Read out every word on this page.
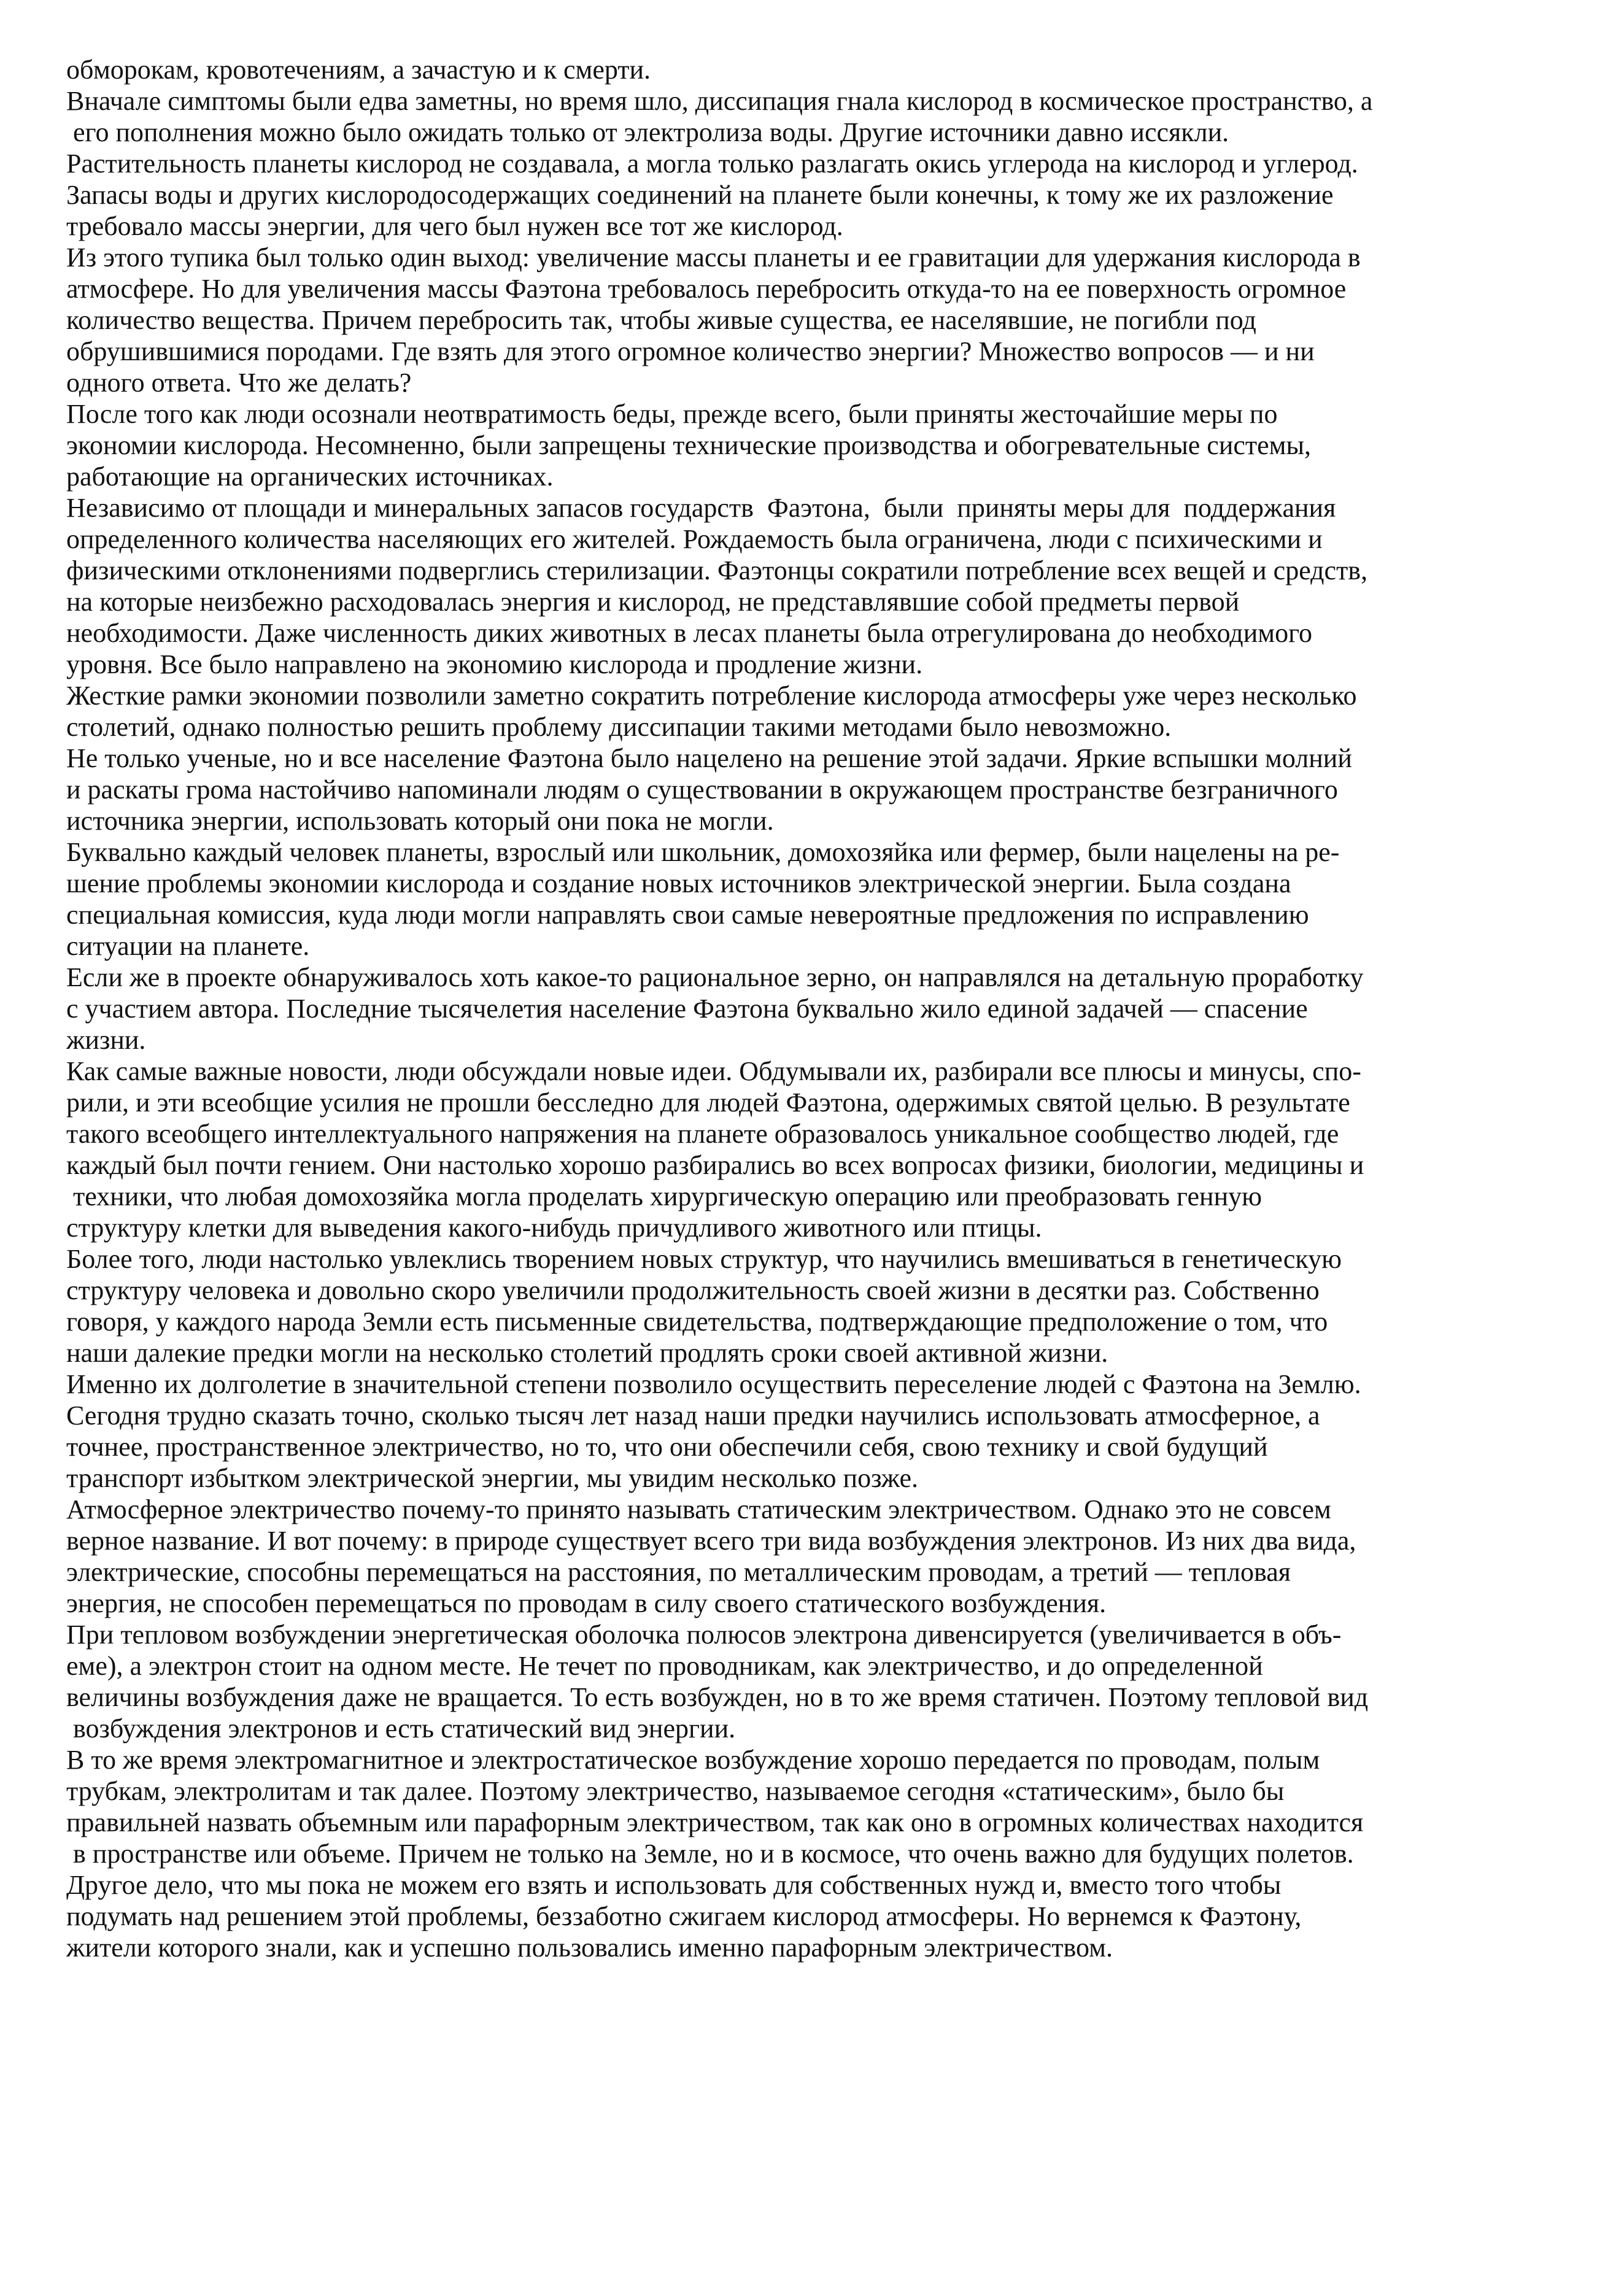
обморокам, кровотечениям, а зачастую и к смерти.

Вначале симптомы были едва заметны, но время шло, диссипация гнала кислород в космическое пространство, а

его пополнения можно было ожидать только от электролиза воды. Другие источники давно иссякли.

Растительность планеты кислород не создавала, а могла только разлагать окись углерода на кислород и углерод.

Запасы воды и других кислородосодержащих соединений на планете были конечны, к тому же их разложение

требовало массы энергии, для чего был нужен все тот же кислород.

Из этого тупика был только один выход: увеличение массы планеты и ее гравитации для удержания кислорода в

атмосфере. Но для увеличения массы Фаэтона требовалось перебросить откуда-то на ее поверхность огромное

количество вещества. Причем перебросить так, чтобы живые существа, ее населявшие, не погибли под

обрушившимися породами. Где взять для этого огромное количество энергии? Множество вопросов — и ни

одного ответа. Что же делать?

После того как люди осознали неотвратимость беды, прежде всего, были приняты жесточайшие меры по

экономии кислорода. Несомненно, были запрещены технические производства и обогревательные системы,

работающие на органических источниках.

Независимо от площади и минеральных запасов государств  Фаэтона,  были  приняты меры для  поддержания

определенного количества населяющих его жителей. Рождаемость была ограничена, люди с психическими и

физическими отклонениями подверглись стерилизации. Фаэтонцы сократили потребление всех вещей и средств,

на которые неизбежно расходовалась энергия и кислород, не представлявшие собой предметы первой

необходимости. Даже численность диких животных в лесах планеты была отрегулирована до необходимого

уровня. Все было направлено на экономию кислорода и продление жизни.

Жесткие рамки экономии позволили заметно сократить потребление кислорода атмосферы уже через несколько

столетий, однако полностью решить проблему диссипации такими методами было невозможно.

Не только ученые, но и все население Фаэтона было нацелено на решение этой задачи. Яркие вспышки молний

и раскаты грома настойчиво напоминали людям о существовании в окружающем пространстве безграничного

источника энергии, использовать который они пока не могли.

Буквально каждый человек планеты, взрослый или школьник, домохозяйка или фермер, были нацелены на ре-

шение проблемы экономии кислорода и создание новых источников электрической энергии. Была создана

специальная комиссия, куда люди могли направлять свои самые невероятные предложения по исправлению

ситуации на планете.

Если же в проекте обнаруживалось хоть какое-то рациональное зерно, он направлялся на детальную проработку

с участием автора. Последние тысячелетия население Фаэтона буквально жило единой задачей — спасение

жизни.

Как самые важные новости, люди обсуждали новые идеи. Обдумывали их, разбирали все плюсы и минусы, спо-

рили, и эти всеобщие усилия не прошли бесследно для людей Фаэтона, одержимых святой целью. В результате

такого всеобщего интеллектуального напряжения на планете образовалось уникальное сообщество людей, где

каждый был почти гением. Они настолько хорошо разбирались во всех вопросах физики, биологии, медицины и

техники, что любая домохозяйка могла проделать хирургическую операцию или преобразовать генную

структуру клетки для выведения какого-нибудь причудливого животного или птицы.

Более того, люди настолько увлеклись творением новых структур, что научились вмешиваться в генетическую

структуру человека и довольно скоро увеличили продолжительность своей жизни в десятки раз. Собственно

говоря, у каждого народа Земли есть письменные свидетельства, подтверждающие предположение о том, что

наши далекие предки могли на несколько столетий продлять сроки своей активной жизни.

Именно их долголетие в значительной степени позволило осуществить переселение людей с Фаэтона на Землю.

Сегодня трудно сказать точно, сколько тысяч лет назад наши предки научились использовать атмосферное, а

точнее, пространственное электричество, но то, что они обеспечили себя, свою технику и свой будущий

транспорт избытком электрической энергии, мы увидим несколько позже.

Атмосферное электричество почему-то принято называть статическим электричеством. Однако это не совсем

верное название. И вот почему: в природе существует всего три вида возбуждения электронов. Из них два вида,

электрические, способны перемещаться на расстояния, по металлическим проводам, а третий — тепловая

энергия, не способен перемещаться по проводам в силу своего статического возбуждения.

При тепловом возбуждении энергетическая оболочка полюсов электрона дивенсируется (увеличивается в объ-

еме), а электрон стоит на одном месте. Не течет по проводникам, как электричество, и до определенной

величины возбуждения даже не вращается. То есть возбужден, но в то же время статичен. Поэтому тепловой вид

возбуждения электронов и есть статический вид энергии.

В то же время электромагнитное и электростатическое возбуждение хорошо передается по проводам, полым

трубкам, электролитам и так далее. Поэтому электричество, называемое сегодня «статическим», было бы

правильней назвать объемным или парафорным электричеством, так как оно в огромных количествах находится

в пространстве или объеме. Причем не только на Земле, но и в космосе, что очень важно для будущих полетов.

Другое дело, что мы пока не можем его взять и использовать для собственных нужд и, вместо того чтобы

подумать над решением этой проблемы, беззаботно сжигаем кислород атмосферы. Но вернемся к Фаэтону,

жители которого знали, как и успешно пользовались именно парафорным электричеством.
